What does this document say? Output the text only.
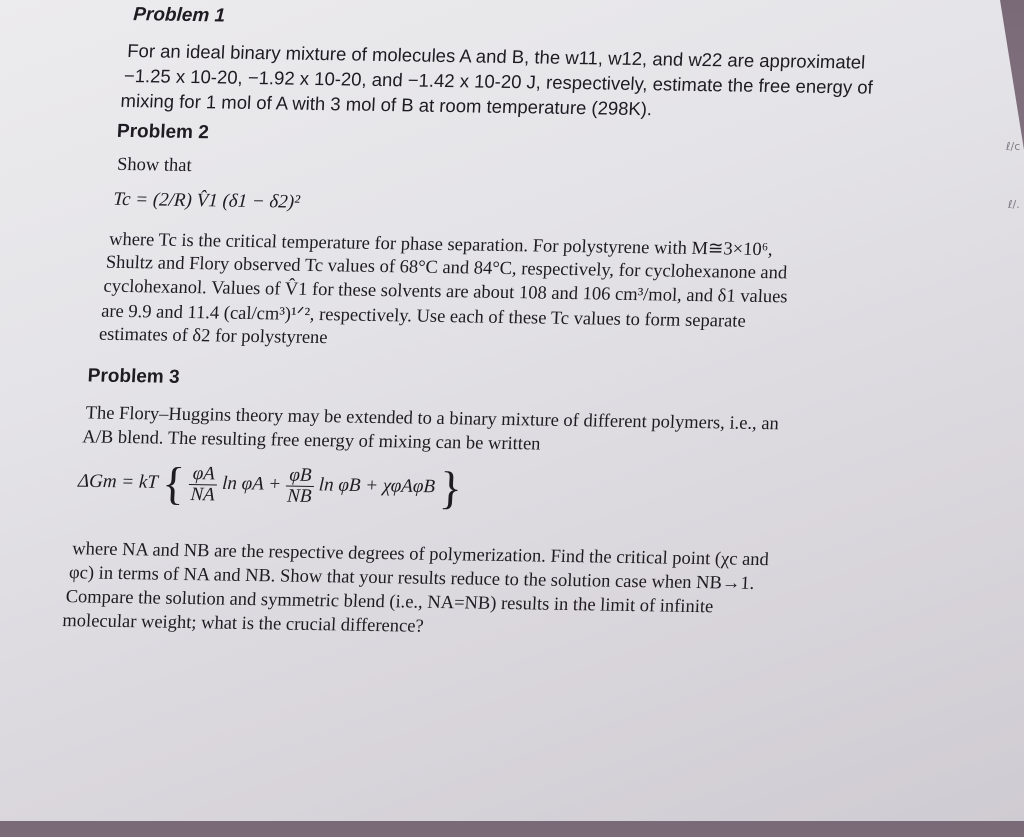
Problem 1
For an ideal binary mixture of molecules A and B, the w11, w12, and w22 are approximatel
−1.25 x 10-20, −1.92 x 10-20, and −1.42 x 10-20 J, respectively, estimate the free energy of
mixing for 1 mol of A with 3 mol of B at room temperature (298K).
Problem 2
Show that
Tc = (2/R) V̂1 (δ1 − δ2)²
where Tc is the critical temperature for phase separation. For polystyrene with M≅3×10⁶,
Shultz and Flory observed Tc values of 68°C and 84°C, respectively, for cyclohexanone and
cyclohexanol. Values of V̂1 for these solvents are about 108 and 106 cm³/mol, and δ1 values
are 9.9 and 11.4 (cal/cm³)¹ᐟ², respectively. Use each of these Tc values to form separate
estimates of δ2 for polystyrene
Problem 3
The Flory–Huggins theory may be extended to a binary mixture of different polymers, i.e., an
A/B blend. The resulting free energy of mixing can be written
ΔGm = kT { $\frac{\varphi A}{NA}$ $\ln \varphi A + \frac{\varphi B}{NB}$ ln φB + χφAφB }
where NA and NB are the respective degrees of polymerization. Find the critical point (χc and
φc) in terms of NA and NB. Show that your results reduce to the solution case when NB→1.
Compare the solution and symmetric blend (i.e., NA=NB) results in the limit of infinite
molecular weight; what is the crucial difference?
ℓ/c
ℓ/.
